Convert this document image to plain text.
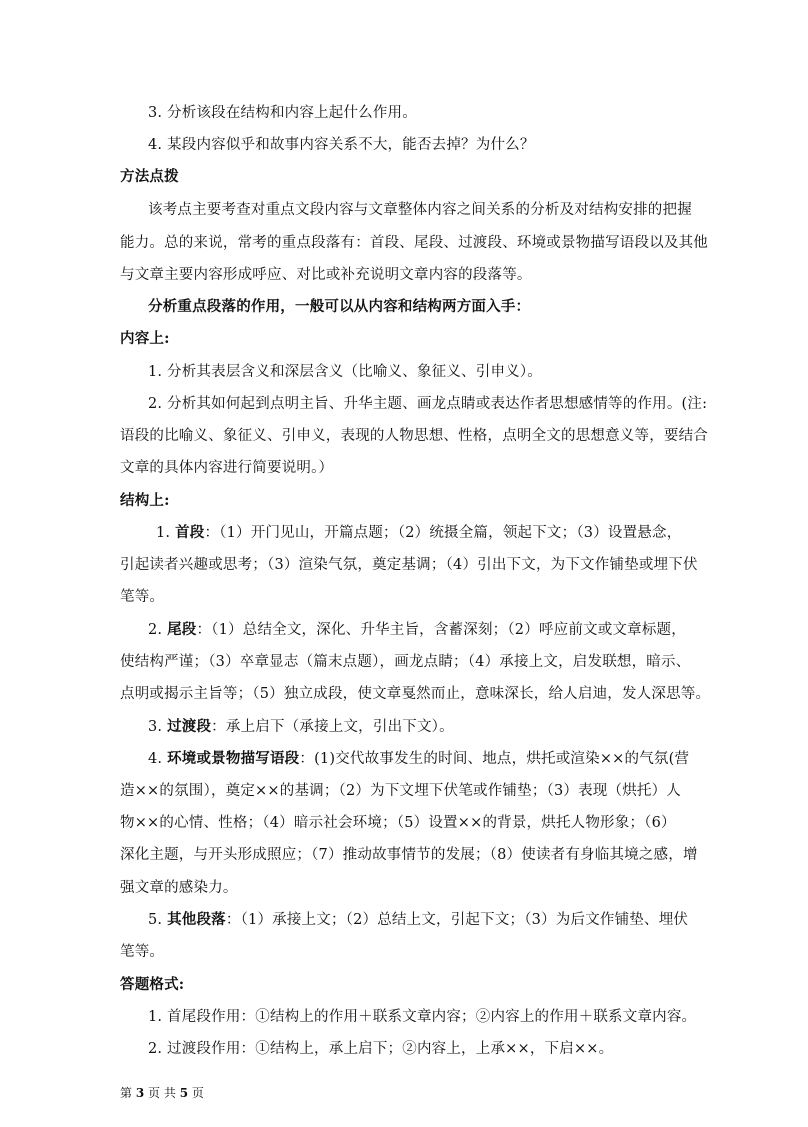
3. 分析该段在结构和内容上起什么作用。
4. 某段内容似乎和故事内容关系不大，能否去掉？为什么？
方法点拨
该考点主要考查对重点文段内容与文章整体内容之间关系的分析及对结构安排的把握
能力。总的来说，常考的重点段落有：首段、尾段、过渡段、环境或景物描写语段以及其他
与文章主要内容形成呼应、对比或补充说明文章内容的段落等。
分析重点段落的作用，一般可以从内容和结构两方面入手：
内容上:
1. 分析其表层含义和深层含义（比喻义、象征义、引申义）。
2. 分析其如何起到点明主旨、升华主题、画龙点睛或表达作者思想感情等的作用。(注:
语段的比喻义、象征义、引申义，表现的人物思想、性格，点明全文的思想意义等，要结合
文章的具体内容进行简要说明。）
结构上:
1. 首段：（1）开门见山，开篇点题；（2）统摄全篇，领起下文；（3）设置悬念，
引起读者兴趣或思考；（3）渲染气氛，奠定基调；（4）引出下文，为下文作铺垫或埋下伏
笔等。
2. 尾段：（1）总结全文，深化、升华主旨，含蓄深刻；（2）呼应前文或文章标题，
使结构严谨；（3）卒章显志（篇末点题），画龙点睛；（4）承接上文，启发联想，暗示、
点明或揭示主旨等；（5）独立成段，使文章戛然而止，意味深长，给人启迪，发人深思等。
3. 过渡段：承上启下（承接上文，引出下文）。
4. 环境或景物描写语段：(1)交代故事发生的时间、地点，烘托或渲染××的气氛(营
造××的氛围），奠定××的基调；（2）为下文埋下伏笔或作铺垫；（3）表现（烘托）人
物××的心情、性格；（4）暗示社会环境；（5）设置××的背景，烘托人物形象；（6）
深化主题，与开头形成照应；（7）推动故事情节的发展；（8）使读者有身临其境之感，增
强文章的感染力。
5. 其他段落：（1）承接上文；（2）总结上文，引起下文；（3）为后文作铺垫、埋伏
笔等。
答题格式:
1. 首尾段作用：①结构上的作用＋联系文章内容；②内容上的作用＋联系文章内容。
2. 过渡段作用：①结构上，承上启下；②内容上，上承××，下启××。
第 3 页 共 5 页
